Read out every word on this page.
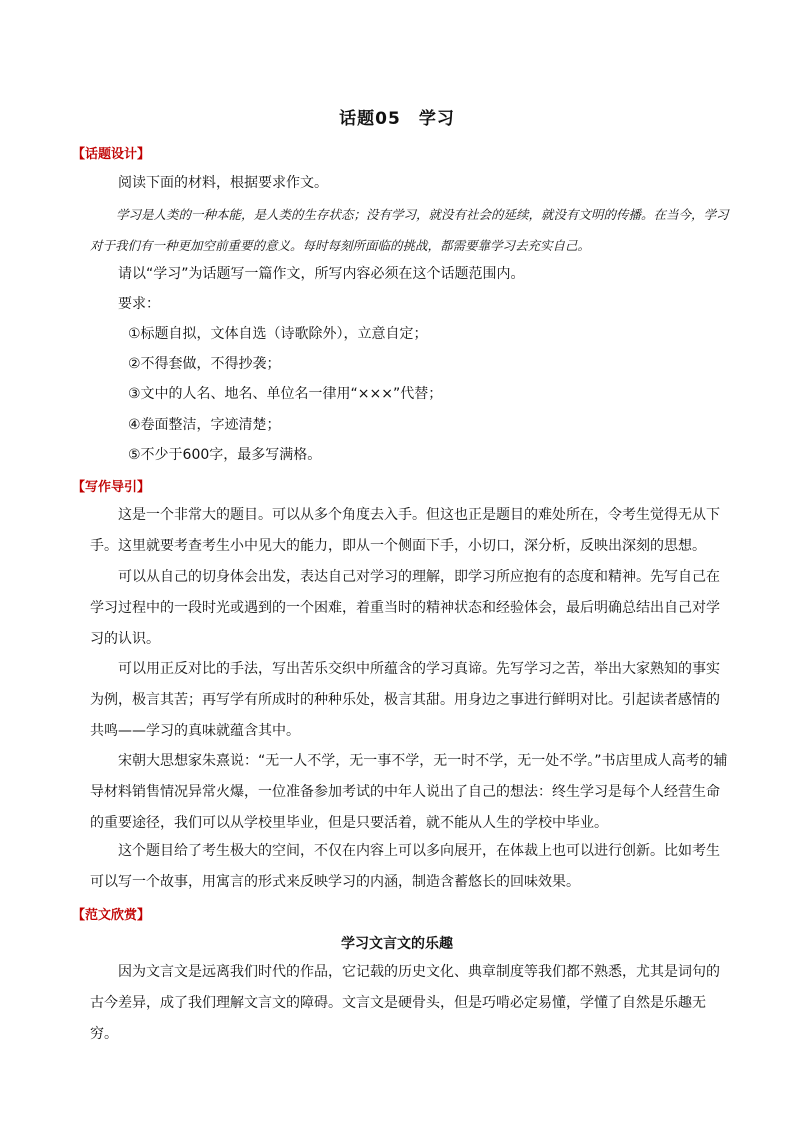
话题05　学习
【话题设计】

阅读下面的材料，根据要求作文。

学习是人类的一种本能，是人类的生存状态；没有学习，就没有社会的延续，就没有文明的传播。在当今，学习对于我们有一种更加空前重要的意义。每时每刻所面临的挑战，都需要靠学习去充实自己。

请以“学习”为话题写一篇作文，所写内容必须在这个话题范围内。

要求：

①标题自拟，文体自选（诗歌除外），立意自定；

②不得套做，不得抄袭；

③文中的人名、地名、单位名一律用“×××”代替；

④卷面整洁，字迹清楚；

⑤不少于600字，最多写满格。

【写作导引】

这是一个非常大的题目。可以从多个角度去入手。但这也正是题目的难处所在，令考生觉得无从下手。这里就要考查考生小中见大的能力，即从一个侧面下手，小切口，深分析，反映出深刻的思想。

可以从自己的切身体会出发，表达自己对学习的理解，即学习所应抱有的态度和精神。先写自己在学习过程中的一段时光或遇到的一个困难，着重当时的精神状态和经验体会，最后明确总结出自己对学习的认识。

可以用正反对比的手法，写出苦乐交织中所蕴含的学习真谛。先写学习之苦，举出大家熟知的事实为例，极言其苦；再写学有所成时的种种乐处，极言其甜。用身边之事进行鲜明对比。引起读者感情的共鸣——学习的真味就蕴含其中。

宋朝大思想家朱熹说：“无一人不学，无一事不学，无一时不学，无一处不学。”书店里成人高考的辅导材料销售情况异常火爆，一位准备参加考试的中年人说出了自己的想法：终生学习是每个人经营生命的重要途径，我们可以从学校里毕业，但是只要活着，就不能从人生的学校中毕业。

这个题目给了考生极大的空间，不仅在内容上可以多向展开，在体裁上也可以进行创新。比如考生可以写一个故事，用寓言的形式来反映学习的内涵，制造含蓄悠长的回味效果。

【范文欣赏】
学习文言文的乐趣

因为文言文是远离我们时代的作品，它记载的历史文化、典章制度等我们都不熟悉，尤其是词句的古今差异，成了我们理解文言文的障碍。文言文是硬骨头，但是巧啃必定易懂，学懂了自然是乐趣无穷。
